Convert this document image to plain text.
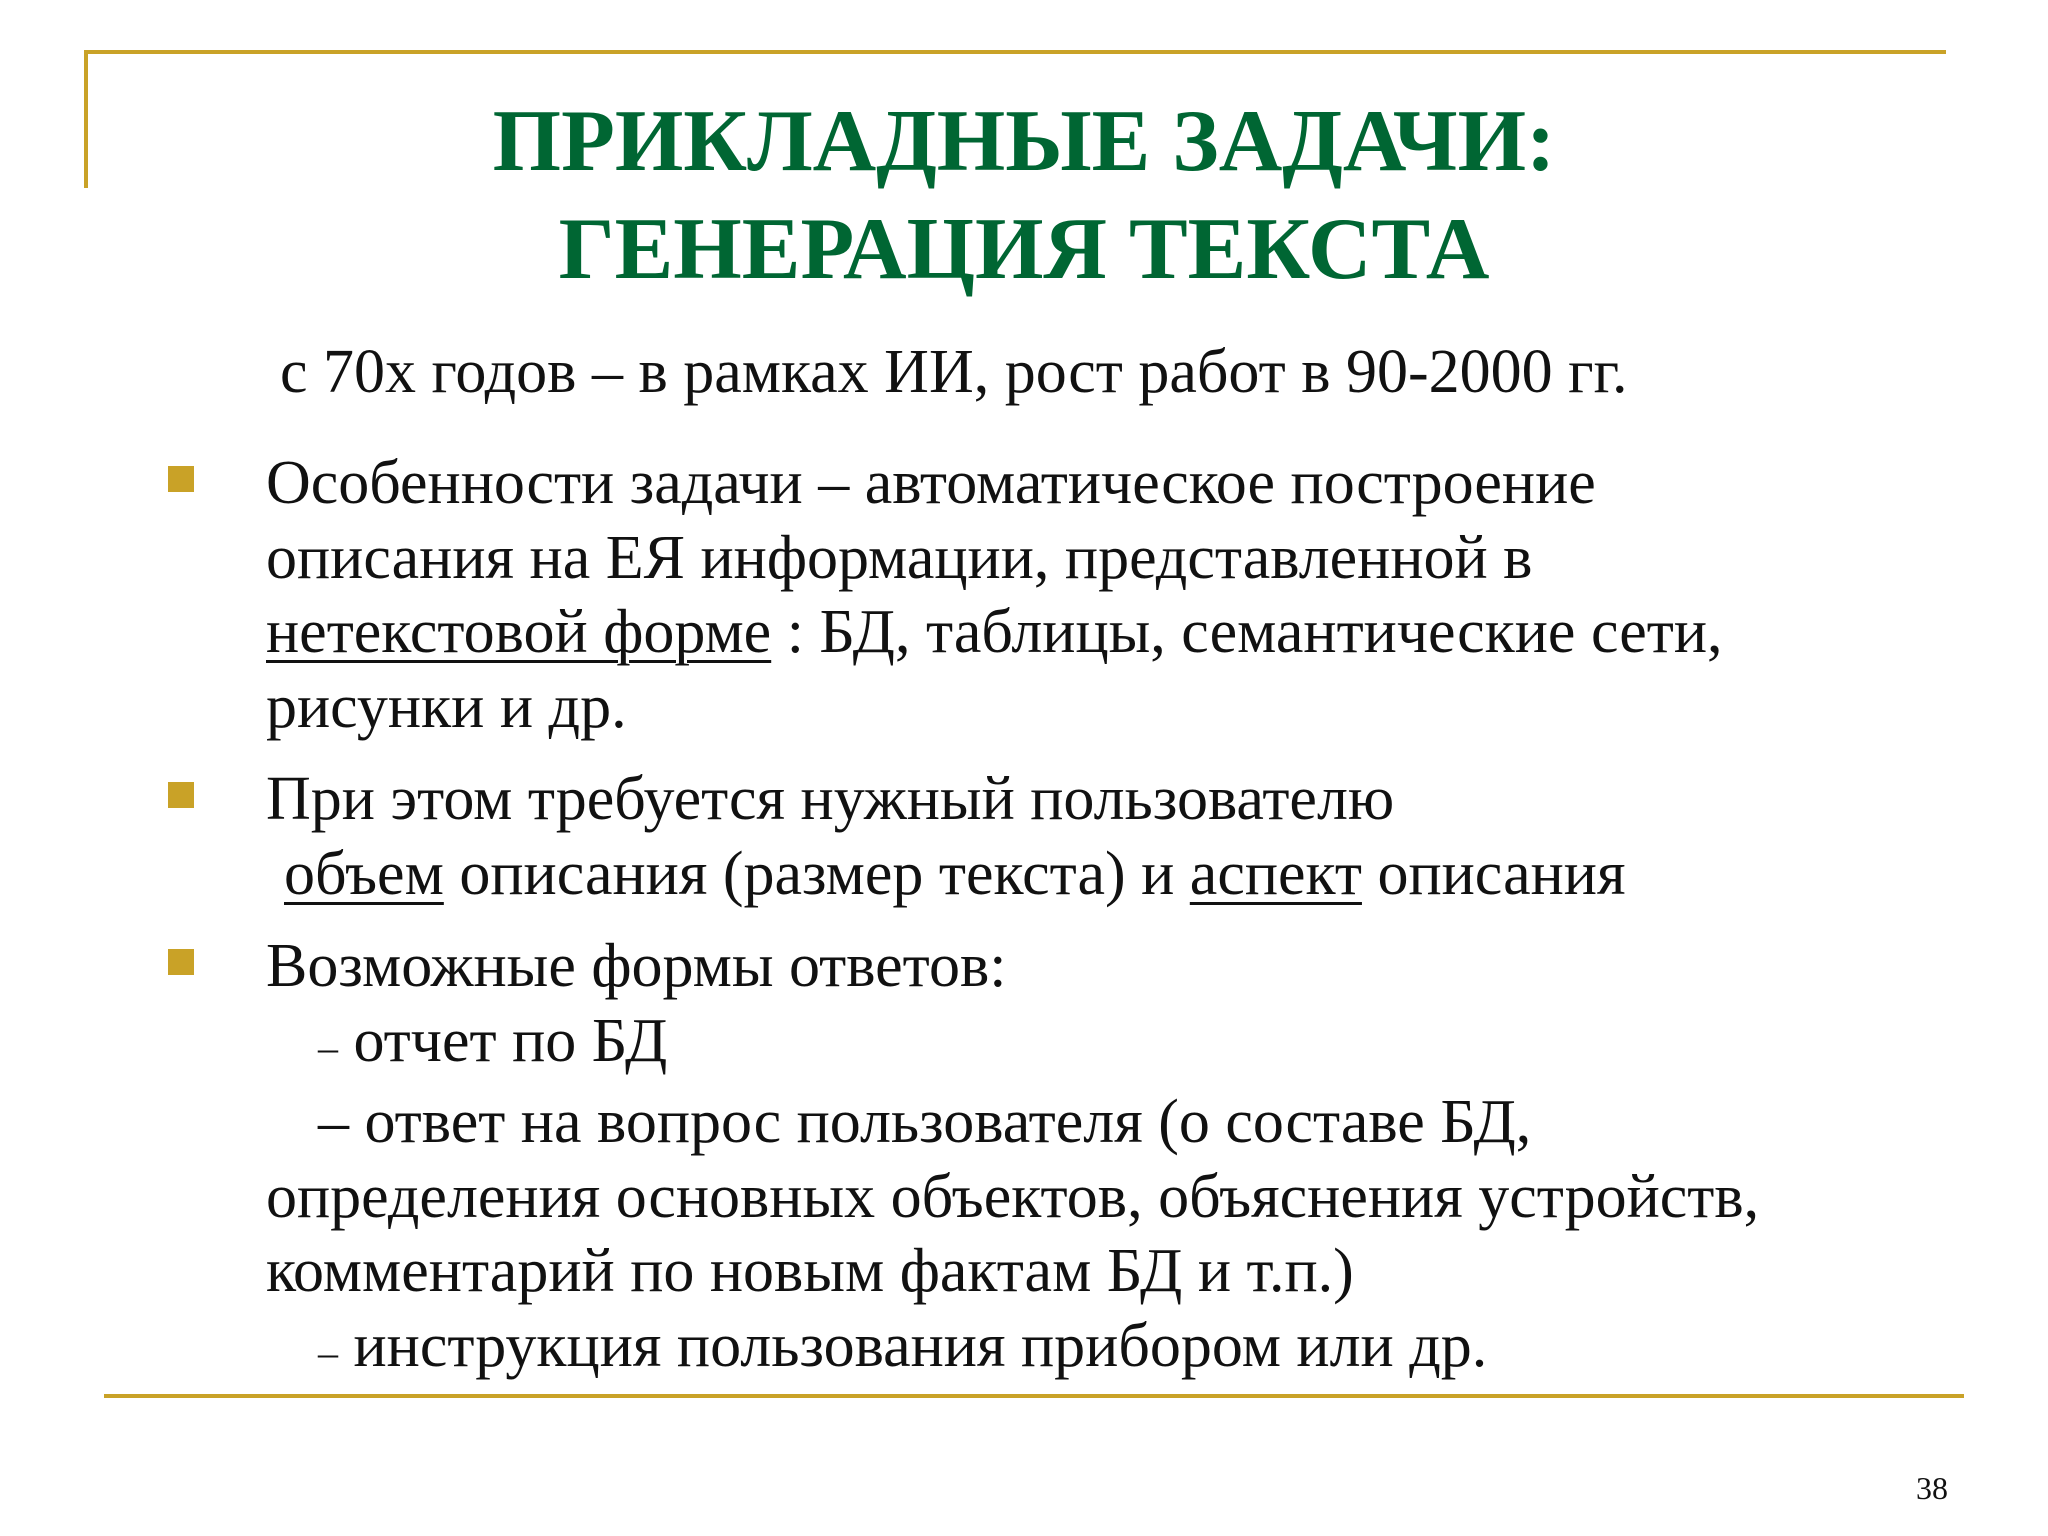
ПРИКЛАДНЫЕ ЗАДАЧИ:
ГЕНЕРАЦИЯ ТЕКСТА
с 70х годов – в рамках ИИ, рост работ в 90-2000 гг.
Особенности задачи – автоматическое построение
описания на ЕЯ информации, представленной в
нетекстовой форме : БД, таблицы, семантические сети,
рисунки и др.
При этом требуется нужный пользователю
объем описания (размер текста) и аспект описания
Возможные формы ответов:
– отчет по БД
– ответ на вопрос пользователя (о составе БД,
определения основных объектов, объяснения устройств,
комментарий по новым фактам БД и т.п.)
– инструкция пользования прибором или др.
38
